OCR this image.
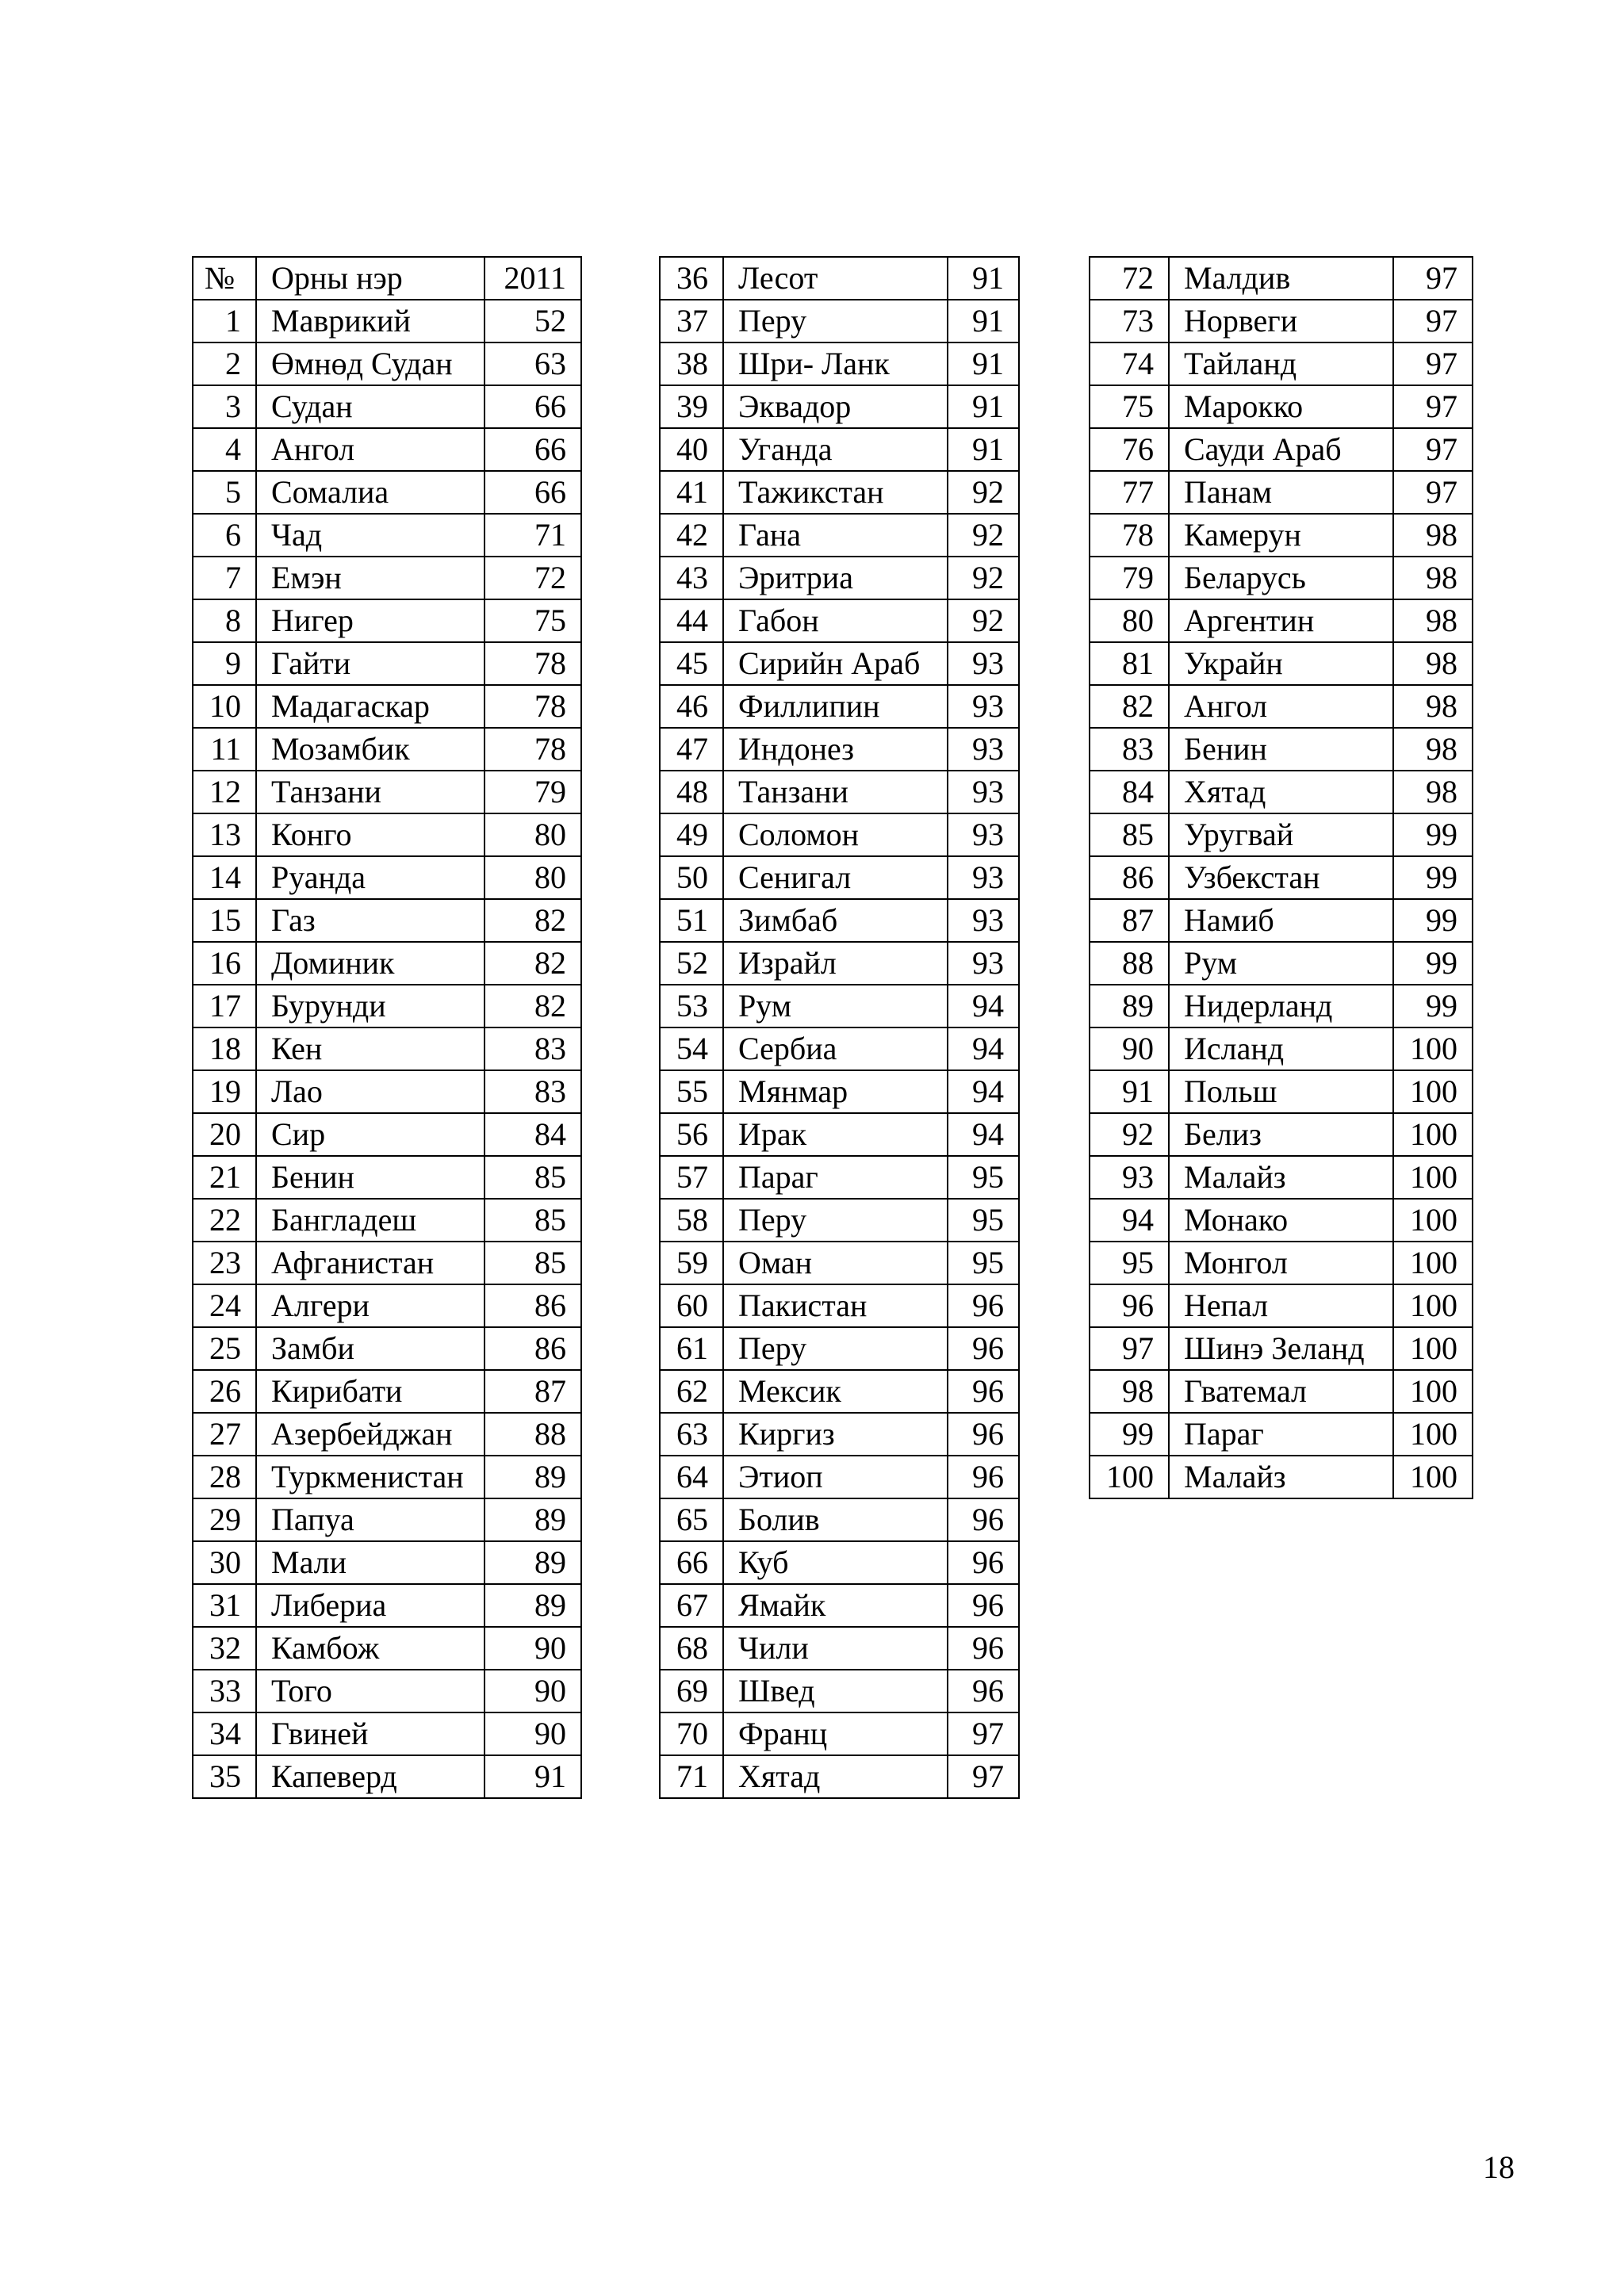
№	Орны нэр	2011
1	Маврикий	52
2	Өмнөд Судан	63
3	Судан	66
4	Ангол	66
5	Сомалиа	66
6	Чад	71
7	Емэн	72
8	Нигер	75
9	Гайти	78
10	Мадагаскар	78
11	Мозамбик	78
12	Танзани	79
13	Конго	80
14	Руанда	80
15	Газ	82
16	Доминик	82
17	Бурунди	82
18	Кен	83
19	Лао	83
20	Сир	84
21	Бенин	85
22	Бангладеш	85
23	Афганистан	85
24	Алгери	86
25	Замби	86
26	Кирибати	87
27	Азербейджан	88
28	Туркменистан	89
29	Папуа	89
30	Мали	89
31	Либериа	89
32	Камбож	90
33	Того	90
34	Гвиней	90
35	Капеверд	91
36	Лесот	91
37	Перу	91
38	Шри- Ланк	91
39	Эквадор	91
40	Уганда	91
41	Тажикстан	92
42	Гана	92
43	Эритриа	92
44	Габон	92
45	Сирийн Араб	93
46	Филлипин	93
47	Индонез	93
48	Танзани	93
49	Соломон	93
50	Сенигал	93
51	Зимбаб	93
52	Израйл	93
53	Рум	94
54	Сербиа	94
55	Мянмар	94
56	Ирак	94
57	Параг	95
58	Перу	95
59	Оман	95
60	Пакистан	96
61	Перу	96
62	Мексик	96
63	Киргиз	96
64	Этиоп	96
65	Болив	96
66	Куб	96
67	Ямайк	96
68	Чили	96
69	Швед	96
70	Франц	97
71	Хятад	97
72	Малдив	97
73	Норвеги	97
74	Тайланд	97
75	Марокко	97
76	Сауди Араб	97
77	Панам	97
78	Камерун	98
79	Беларусь	98
80	Аргентин	98
81	Украйн	98
82	Ангол	98
83	Бенин	98
84	Хятад	98
85	Уругвай	99
86	Узбекстан	99
87	Намиб	99
88	Рум	99
89	Нидерланд	99
90	Исланд	100
91	Польш	100
92	Белиз	100
93	Малайз	100
94	Монако	100
95	Монгол	100
96	Непал	100
97	Шинэ Зеланд	100
98	Гватемал	100
99	Параг	100
100	Малайз	100
18
